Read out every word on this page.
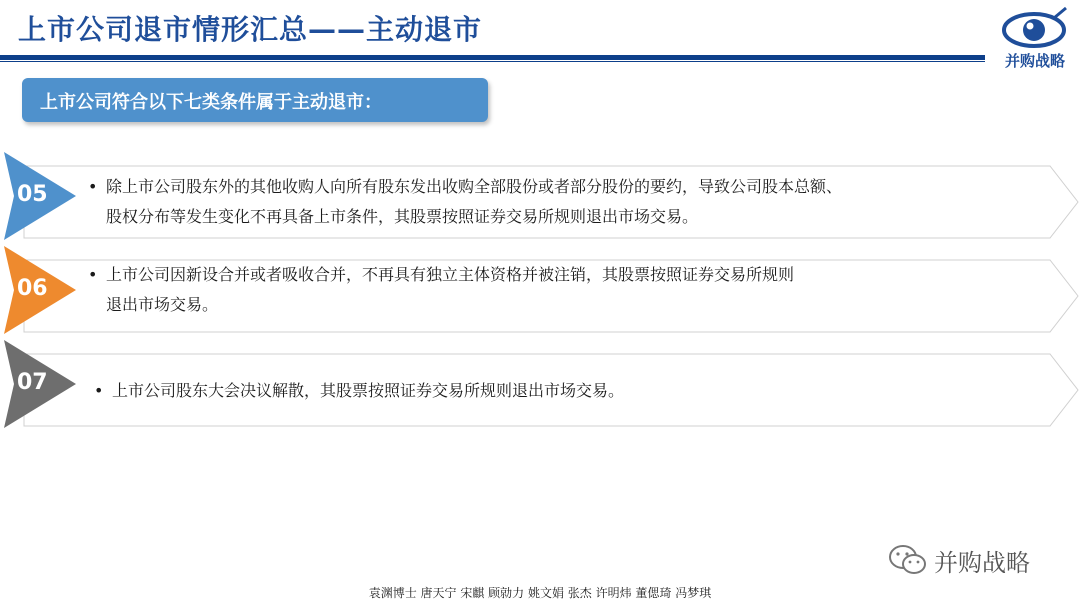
上市公司退市情形汇总——主动退市
并购战略
上市公司符合以下七类条件属于主动退市：
05	• 除上市公司股东外的其他收购人向所有股东发出收购全部股份或者部分股份的要约，导致公司股本总额、
股权分布等发生变化不再具备上市条件，其股票按照证券交易所规则退出市场交易。
06
• 上市公司因新设合并或者吸收合并，不再具有独立主体资格并被注销，其股票按照证券交易所规则
退出市场交易。
07	• 上市公司股东大会决议解散，其股票按照证券交易所规则退出市场交易。
并购战略
袁渊博士 唐天宁 宋麒 顾勍力 姚文娟 张杰 许明炜 董偲琦 冯梦琪
